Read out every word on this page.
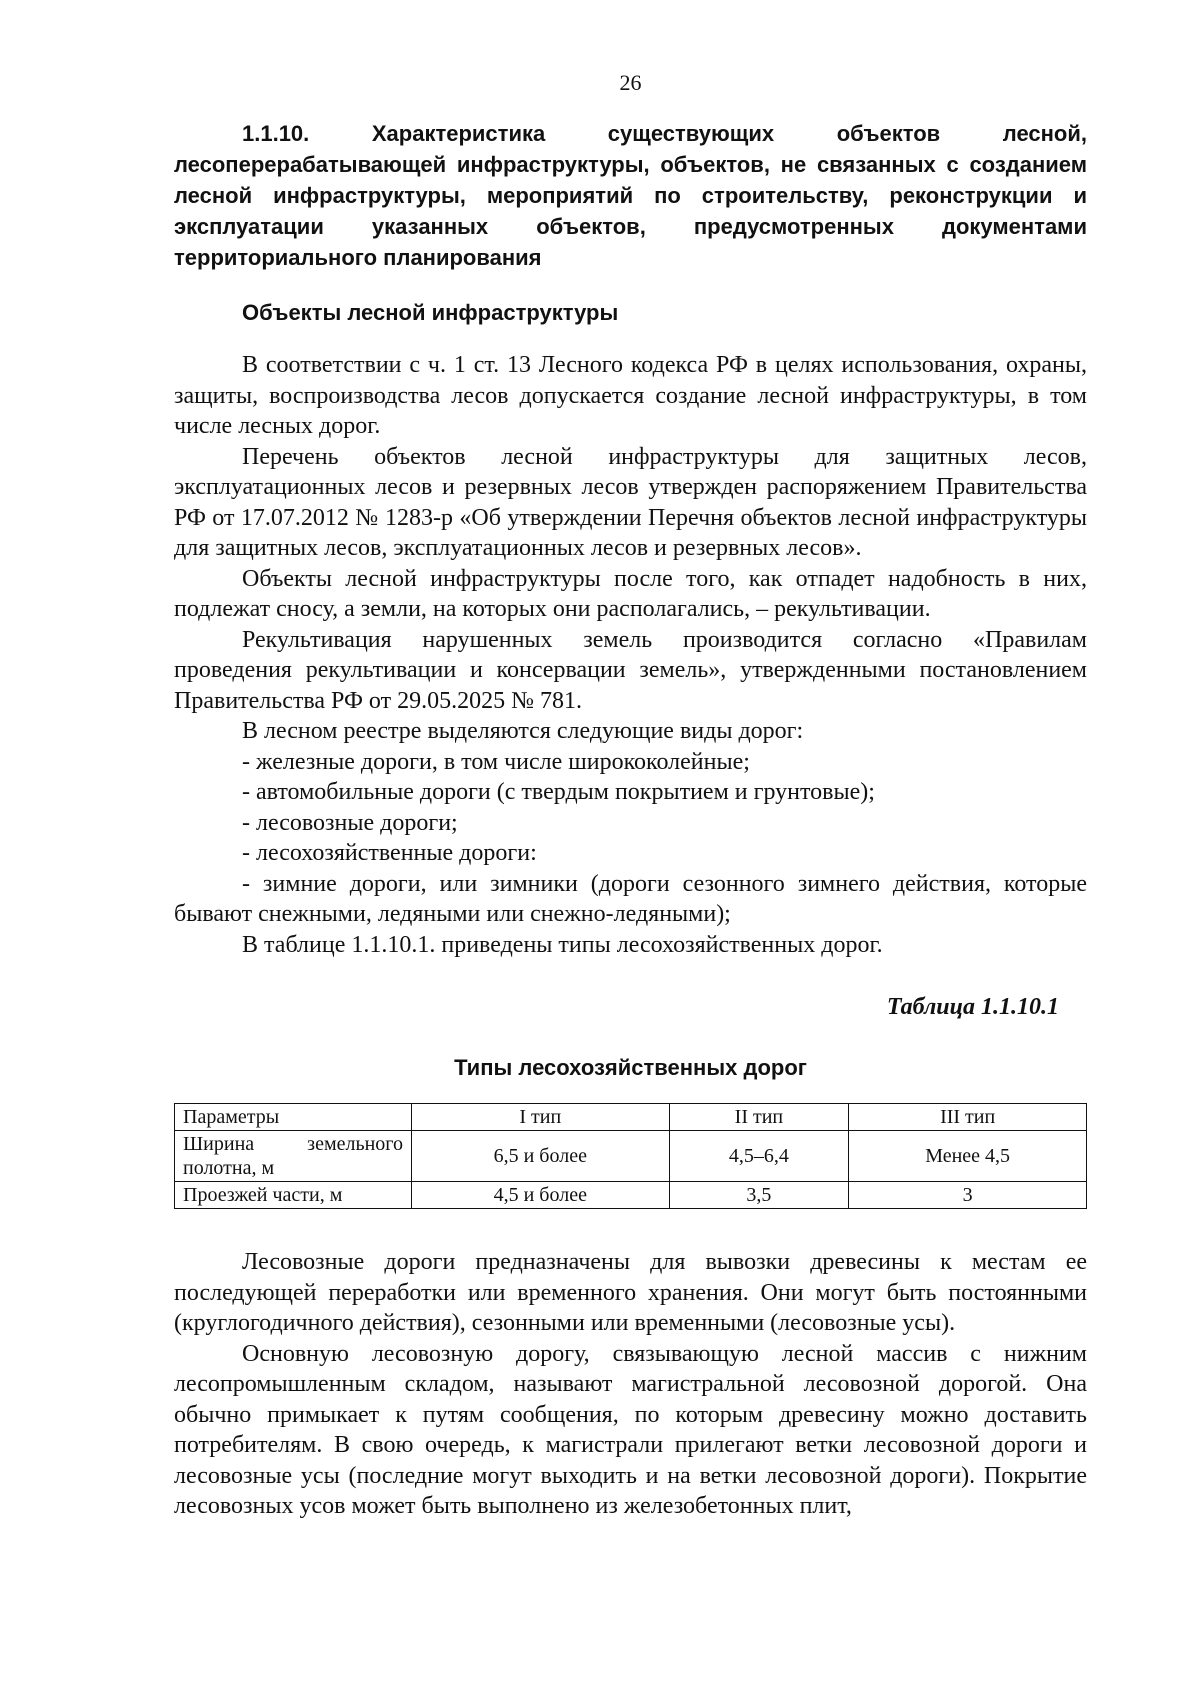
26
1.1.10. Характеристика существующих объектов лесной, лесоперерабатывающей инфраструктуры, объектов, не связанных с созданием лесной инфраструктуры, мероприятий по строительству, реконструкции и эксплуатации указанных объектов, предусмотренных документами территориального планирования
Объекты лесной инфраструктуры

В соответствии с ч. 1 ст. 13 Лесного кодекса РФ в целях использования, охраны, защиты, воспроизводства лесов допускается создание лесной инфраструктуры, в том числе лесных дорог.

Перечень объектов лесной инфраструктуры для защитных лесов, эксплуатационных лесов и резервных лесов утвержден распоряжением Правительства РФ от 17.07.2012 № 1283-р «Об утверждении Перечня объектов лесной инфраструктуры для защитных лесов, эксплуатационных лесов и резервных лесов».

Объекты лесной инфраструктуры после того, как отпадет надобность в них, подлежат сносу, а земли, на которых они располагались, – рекультивации.

Рекультивация нарушенных земель производится согласно «Правилам проведения рекультивации и консервации земель», утвержденными постановлением Правительства РФ от 29.05.2025 № 781.

В лесном реестре выделяются следующие виды дорог:

- железные дороги, в том числе ширококолейные;

- автомобильные дороги (с твердым покрытием и грунтовые);

- лесовозные дороги;

- лесохозяйственные дороги:

- зимние дороги, или зимники (дороги сезонного зимнего действия, которые бывают снежными, ледяными или снежно-ледяными);

В таблице 1.1.10.1. приведены типы лесохозяйственных дорог.

Таблица 1.1.10.1
Типы лесохозяйственных дорог
Параметры	I тип	II тип	III тип
Ширина земельного полотна, м	6,5 и более	4,5–6,4	Менее 4,5
Проезжей части, м	4,5 и более	3,5	3

Лесовозные дороги предназначены для вывозки древесины к местам ее последующей переработки или временного хранения. Они могут быть постоянными (круглогодичного действия), сезонными или временными (лесовозные усы).

Основную лесовозную дорогу, связывающую лесной массив с нижним лесопромышленным складом, называют магистральной лесовозной дорогой. Она обычно примыкает к путям сообщения, по которым древесину можно доставить потребителям. В свою очередь, к магистрали прилегают ветки лесовозной дороги и лесовозные усы (последние могут выходить и на ветки лесовозной дороги). Покрытие лесовозных усов может быть выполнено из железобетонных плит,
